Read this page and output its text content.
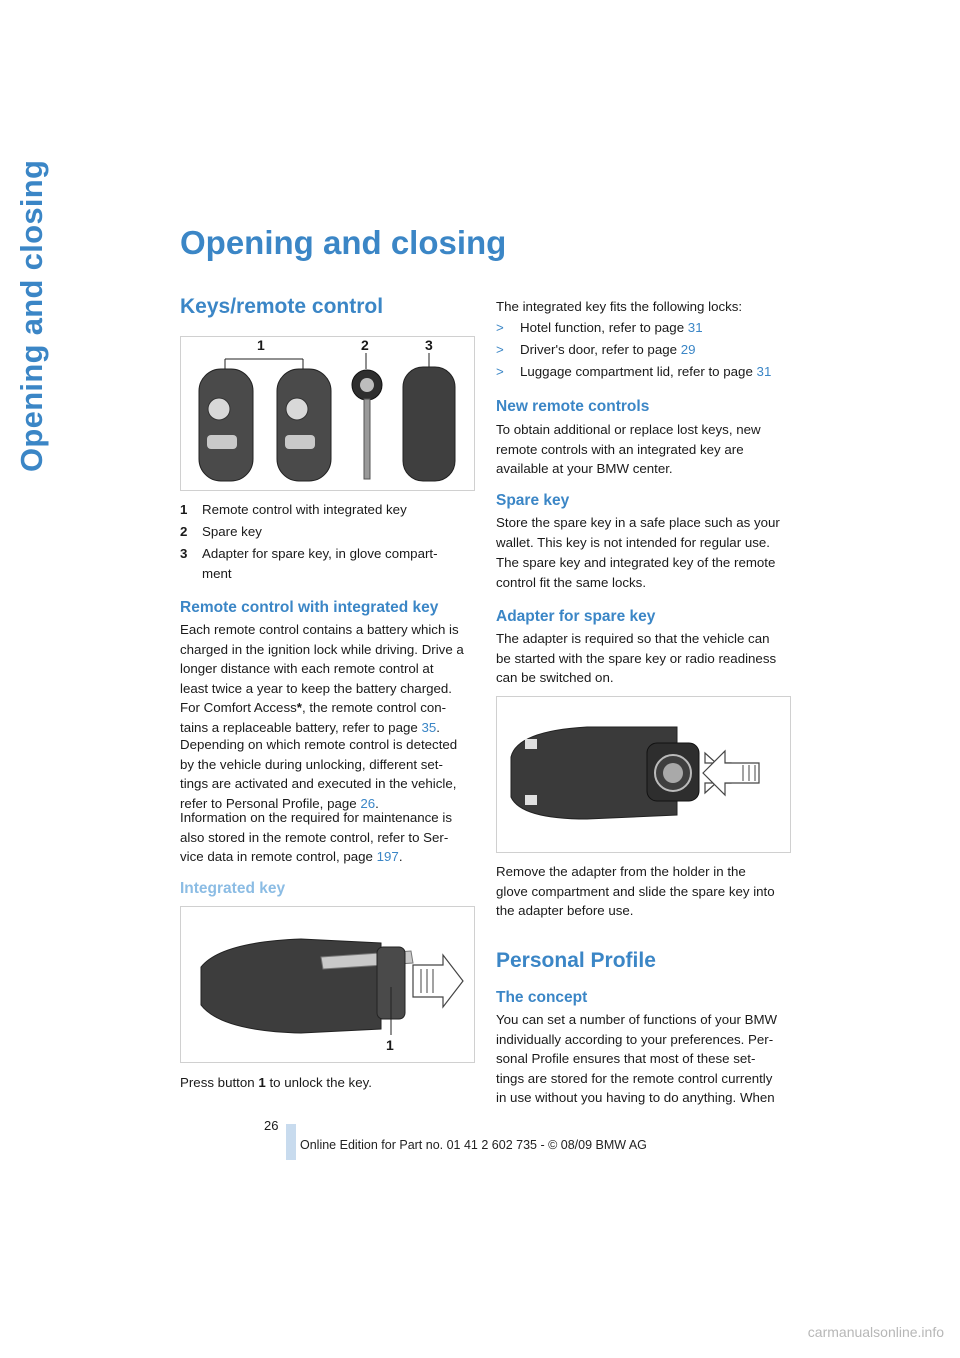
Opening and closing	Opening and closing
Keys/remote control
1	2	3
1 Remote control with integrated key
2 Spare key
3 Adapter for spare key, in glove compart-
ment
Remote control with integrated key
Each remote control contains a battery which is
charged in the ignition lock while driving. Drive a
longer distance with each remote control at
least twice a year to keep the battery charged.
For Comfort Access*, the remote control con-
tains a replaceable battery, refer to page 35.
Depending on which remote control is detected
by the vehicle during unlocking, different set-
tings are activated and executed in the vehicle,
refer to Personal Profile, page 26.
Information on the required for maintenance is
also stored in the remote control, refer to Ser-
vice data in remote control, page 197.
Integrated key
1
Press button 1 to unlock the key.
The integrated key fits the following locks:
> Hotel function, refer to page 31
> Driver's door, refer to page 29
> Luggage compartment lid, refer to page 31
New remote controls
To obtain additional or replace lost keys, new
remote controls with an integrated key are
available at your BMW center.
Spare key
Store the spare key in a safe place such as your
wallet. This key is not intended for regular use.
The spare key and integrated key of the remote
control fit the same locks.
Adapter for spare key
The adapter is required so that the vehicle can
be started with the spare key or radio readiness
can be switched on.
Remove the adapter from the holder in the
glove compartment and slide the spare key into
the adapter before use.
Personal Profile
The concept
You can set a number of functions of your BMW
individually according to your preferences. Per-
sonal Profile ensures that most of these set-
tings are stored for the remote control currently
in use without you having to do anything. When
26
Online Edition for Part no. 01 41 2 602 735 - © 08/09 BMW AG
carmanualsonline.info
